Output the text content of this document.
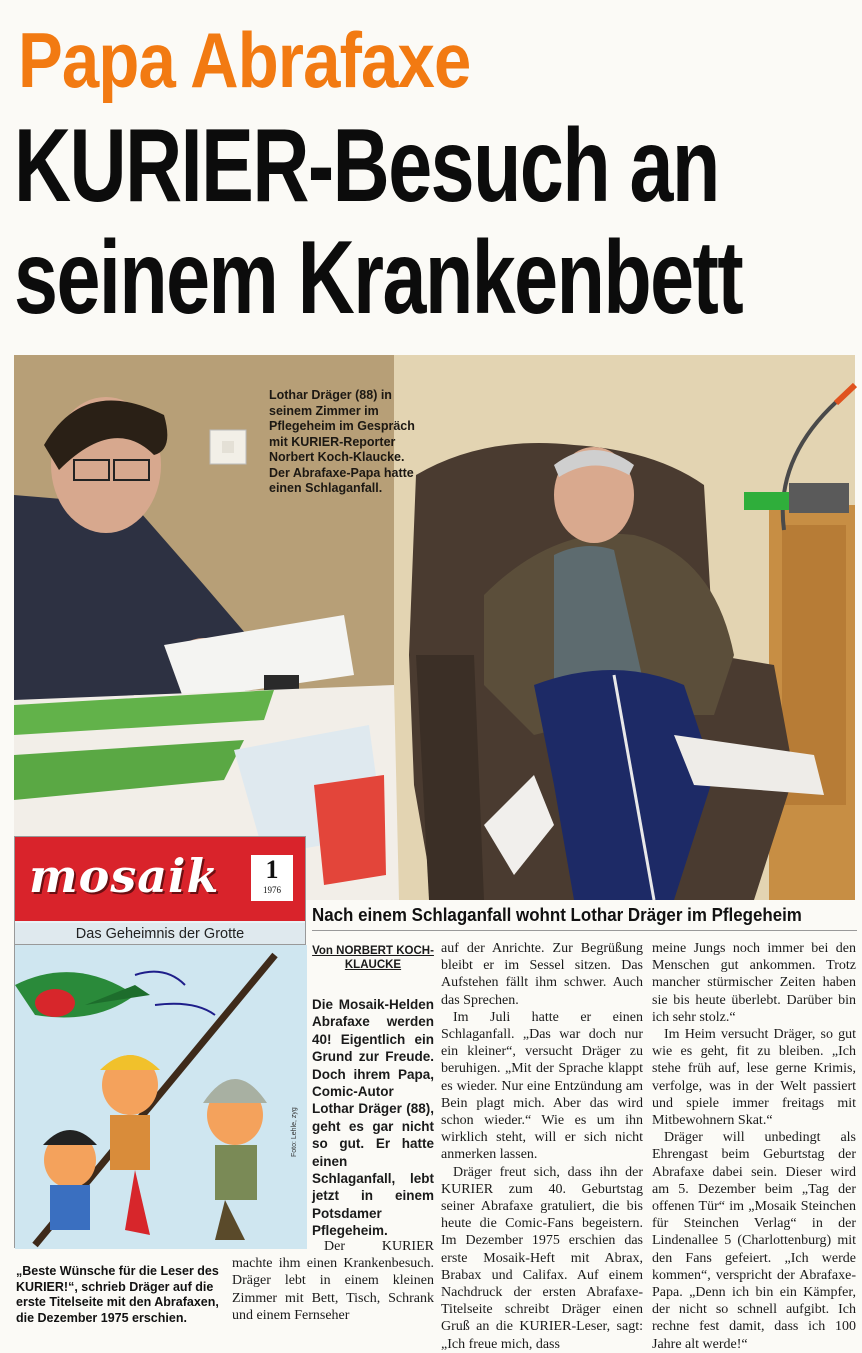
Papa Abrafaxe
KURIER-Besuch an
seinem Krankenbett
Lothar Dräger (88) in seinem Zimmer im Pflegeheim im Gespräch mit KURIER-Reporter Norbert Koch-Klaucke. Der Abrafaxe-Papa hatte einen Schlaganfall.
mosaik	1
1976
Das Geheimnis der Grotte
„Beste Wünsche für die Leser des KURIER!“, schrieb Dräger auf die erste Titelseite mit den Abrafaxen, die Dezember 1975 erschien.
Nach einem Schlaganfall wohnt Lothar Dräger im Pflegeheim
Von NORBERT KOCH-KLAUCKE
Die Mosaik-Helden Abrafaxe werden 40! Eigentlich ein Grund zur Freude. Doch ihrem Papa, Comic-Autor Lothar Dräger (88), geht es gar nicht so gut. Er hatte einen Schlaganfall, lebt jetzt in einem Potsdamer Pflegeheim.

Der KURIER machte ihm einen Krankenbesuch. Dräger lebt in einem kleinen Zimmer mit Bett, Tisch, Schrank und einem Fernseher

auf der Anrichte. Zur Begrüßung bleibt er im Sessel sitzen. Das Aufstehen fällt ihm schwer. Auch das Sprechen.

Im Juli hatte er einen Schlaganfall. „Das war doch nur ein kleiner“, versucht Dräger zu beruhigen. „Mit der Sprache klappt es wieder. Nur eine Entzündung am Bein plagt mich. Aber das wird schon wieder.“ Wie es um ihn wirklich steht, will er sich nicht anmerken lassen.

Dräger freut sich, dass ihn der KURIER zum 40. Geburtstag seiner Abrafaxe gratuliert, die bis heute die Comic-Fans begeistern. Im Dezember 1975 erschien das erste Mosaik-Heft mit Abrax, Brabax und Califax. Auf einem Nachdruck der ersten Abrafaxe-Titelseite schreibt Dräger einen Gruß an die KURIER-Leser, sagt: „Ich freue mich, dass

meine Jungs noch immer bei den Menschen gut ankommen. Trotz mancher stürmischer Zeiten haben sie bis heute überlebt. Darüber bin ich sehr stolz.“

Im Heim versucht Dräger, so gut wie es geht, fit zu bleiben. „Ich stehe früh auf, lese gerne Krimis, verfolge, was in der Welt passiert und spiele immer freitags mit Mitbewohnern Skat.“

Dräger will unbedingt als Ehrengast beim Geburtstag der Abrafaxe dabei sein. Dieser wird am 5. Dezember beim „Tag der offenen Tür“ im „Mosaik Steinchen für Steinchen Verlag“ in der Lindenallee 5 (Charlottenburg) mit den Fans gefeiert. „Ich werde kommen“, verspricht der Abrafaxe-Papa. „Denn ich bin ein Kämpfer, der nicht so schnell aufgibt. Ich rechne fest damit, dass ich 100 Jahre alt werde!“
